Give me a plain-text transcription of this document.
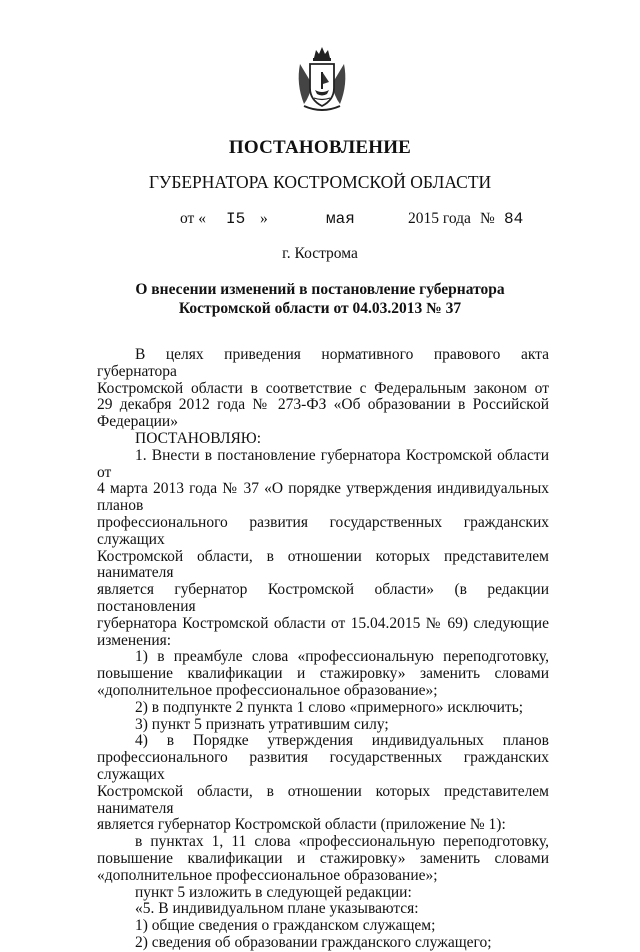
ПОСТАНОВЛЕНИЕ
ГУБЕРНАТОРА КОСТРОМСКОЙ ОБЛАСТИ
от « I5 »	мая	2015 года № 84
г. Кострома
О внесении изменений в постановление губернатора
Костромской области от 04.03.2013 № 37

В целях приведения нормативного правового акта губернатора

Костромской области в соответствие с Федеральным законом от

29 декабря 2012 года № 273-ФЗ «Об образовании в Российской

Федерации»

ПОСТАНОВЛЯЮ:

1. Внести в постановление губернатора Костромской области от

4 марта 2013 года № 37 «О порядке утверждения индивидуальных планов

профессионального развития государственных гражданских служащих

Костромской области, в отношении которых представителем нанимателя

является губернатор Костромской области» (в редакции постановления

губернатора Костромской области от 15.04.2015 № 69) следующие

изменения:

1) в преамбуле слова «профессиональную переподготовку,

повышение квалификации и стажировку» заменить словами

«дополнительное профессиональное образование»;

2) в подпункте 2 пункта 1 слово «примерного» исключить;

3) пункт 5 признать утратившим силу;

4) в Порядке утверждения индивидуальных планов

профессионального развития государственных гражданских служащих

Костромской области, в отношении которых представителем нанимателя

является губернатор Костромской области (приложение № 1):

в пунктах 1, 11 слова «профессиональную переподготовку,

повышение квалификации и стажировку» заменить словами

«дополнительное профессиональное образование»;

пункт 5 изложить в следующей редакции:

«5. В индивидуальном плане указываются:

1) общие сведения о гражданском служащем;

2) сведения об образовании гражданского служащего;
